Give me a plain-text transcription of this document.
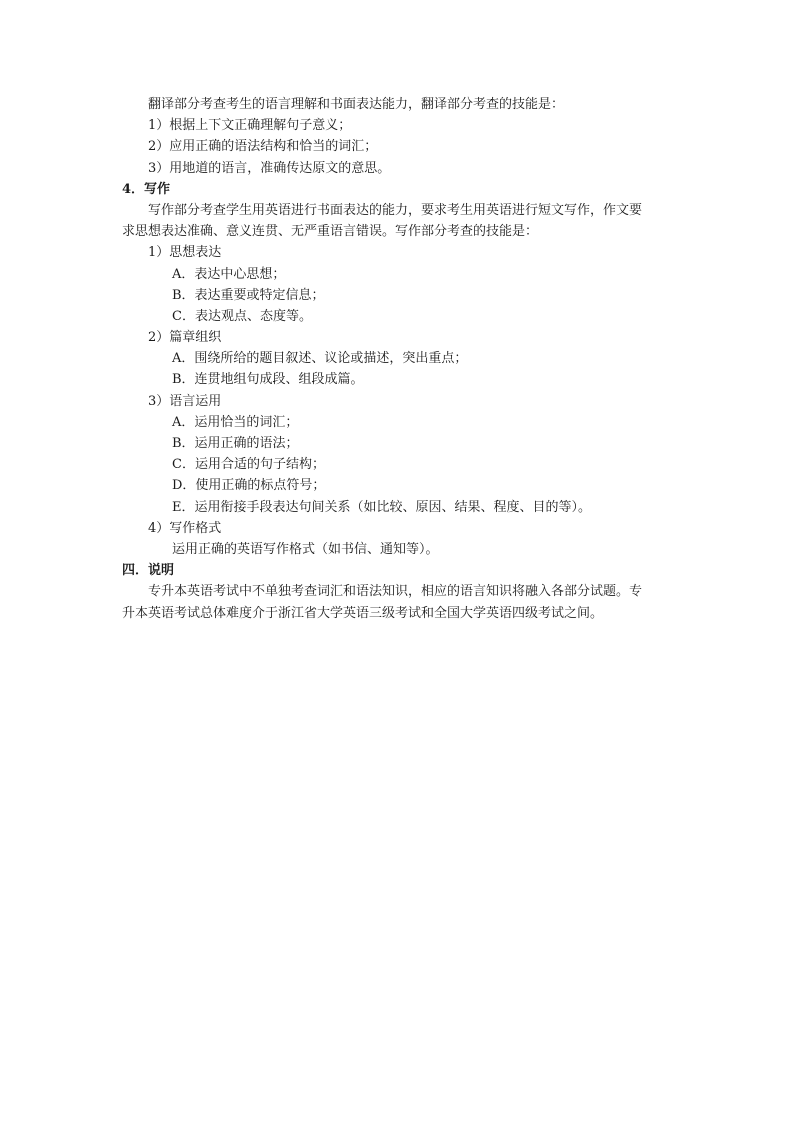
翻译部分考查考生的语言理解和书面表达能力，翻译部分考查的技能是：
1）根据上下文正确理解句子意义；
2）应用正确的语法结构和恰当的词汇；
3）用地道的语言，准确传达原文的意思。
4．写作
写作部分考查学生用英语进行书面表达的能力，要求考生用英语进行短文写作，作文要
求思想表达准确、意义连贯、无严重语言错误。写作部分考查的技能是：
1）思想表达
A．表达中心思想；
B．表达重要或特定信息；
C．表达观点、态度等。
2）篇章组织
A．围绕所给的题目叙述、议论或描述，突出重点；
B．连贯地组句成段、组段成篇。
3）语言运用
A．运用恰当的词汇；
B．运用正确的语法；
C．运用合适的句子结构；
D．使用正确的标点符号；
E．运用衔接手段表达句间关系（如比较、原因、结果、程度、目的等）。
4）写作格式
运用正确的英语写作格式（如书信、通知等）。
四．说明
专升本英语考试中不单独考查词汇和语法知识，相应的语言知识将融入各部分试题。专
升本英语考试总体难度介于浙江省大学英语三级考试和全国大学英语四级考试之间。
